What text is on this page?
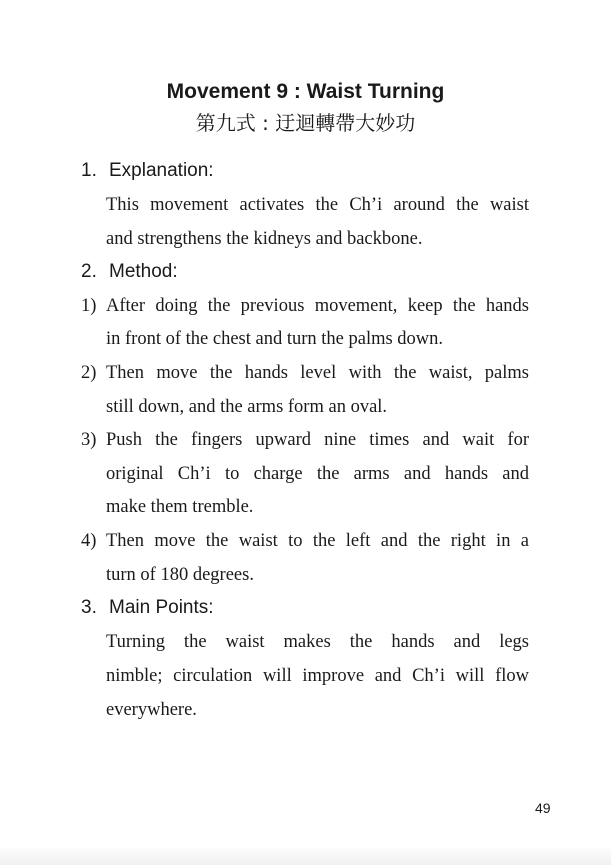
Movement 9 : Waist Turning
第九式 : 迂迴轉帶大妙功
1. Explanation:
This movement activates the Ch’i around the waist
and strengthens the kidneys and backbone.
2. Method:
1) After doing the previous movement, keep the hands
in front of the chest and turn the palms down.
2) Then move the hands level with the waist, palms
still down, and the arms form an oval.
3) Push the fingers upward nine times and wait for
original Ch’i to charge the arms and hands and
make them tremble.
4) Then move the waist to the left and the right in a
turn of 180 degrees.
3. Main Points:
Turning the waist makes the hands and legs
nimble; circulation will improve and Ch’i will flow
everywhere.
49
